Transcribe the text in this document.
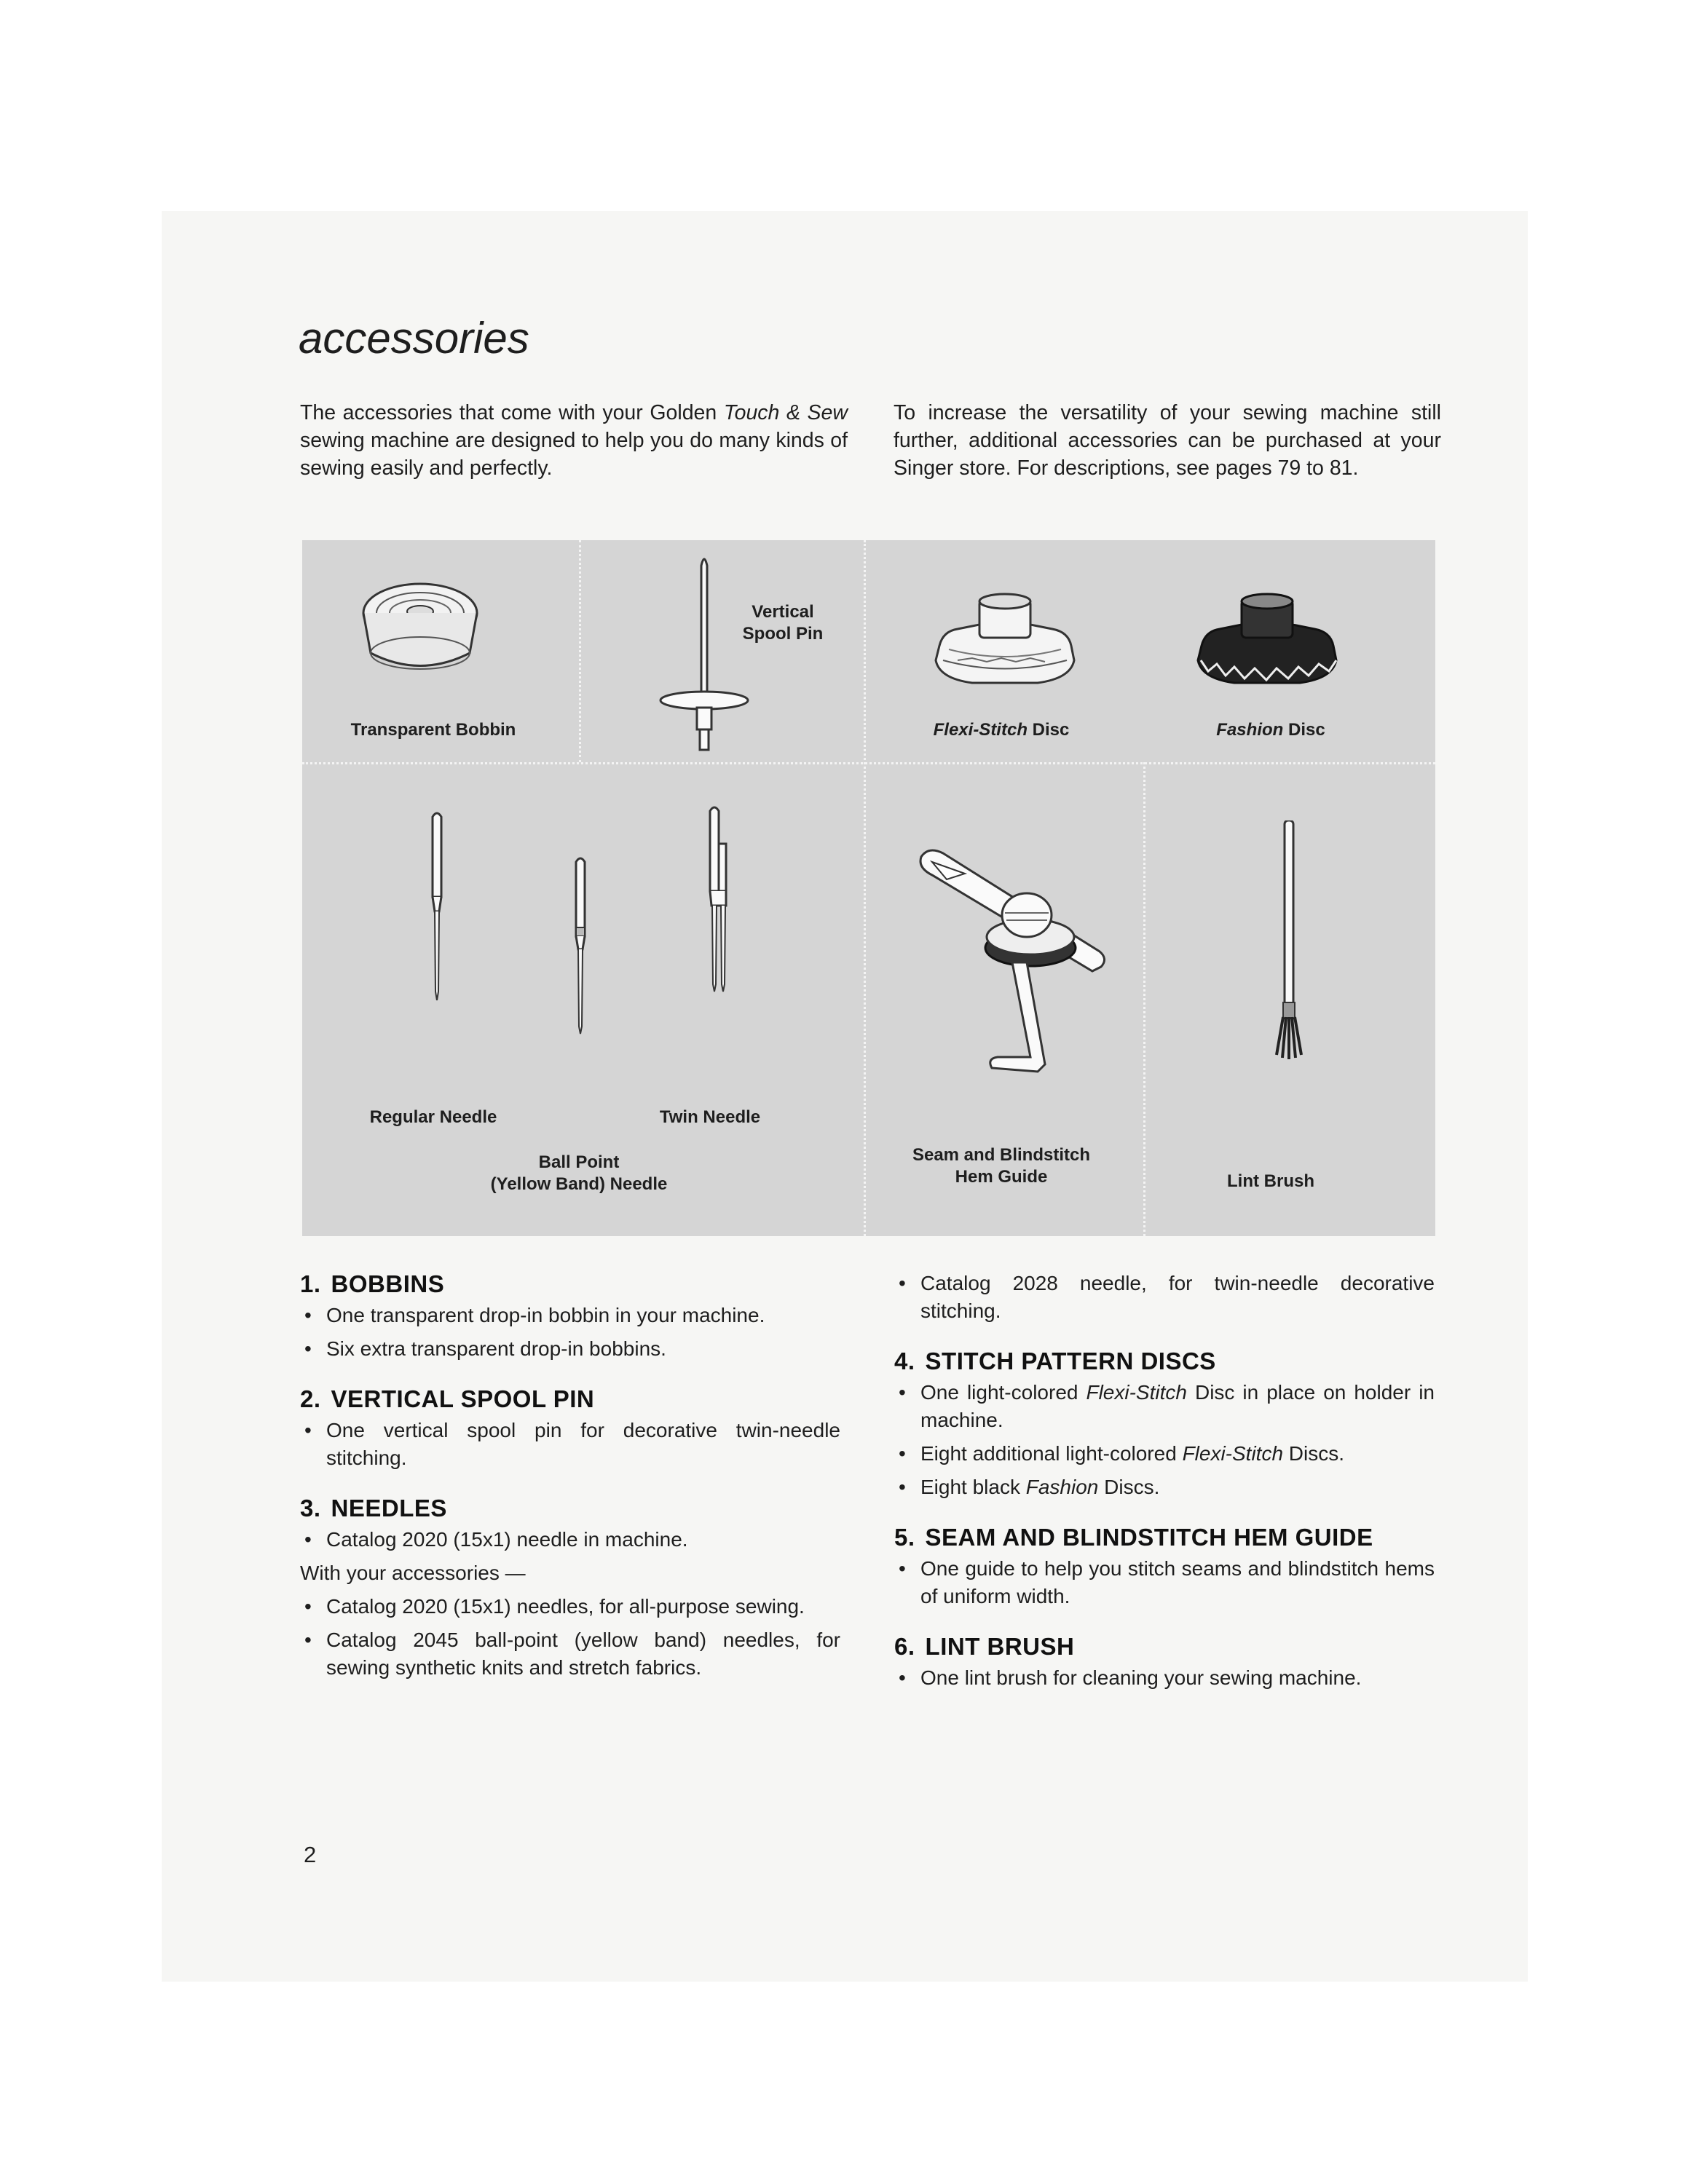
accessories

The accessories that come with your Golden Touch & Sew sewing machine are designed to help you do many kinds of sewing easily and perfectly.

To increase the versatility of your sewing machine still further, additional accessories can be purchased at your Singer store. For descriptions, see pages 79 to 81.

Transparent Bobbin
Vertical
Spool Pin
Flexi-Stitch Disc	Fashion Disc
Regular Needle
Ball Point
(Yellow Band) Needle
Twin Needle
Seam and Blindstitch
Hem Guide	Lint Brush
1. BOBBINS
• One transparent drop-in bobbin in your machine.
• Six extra transparent drop-in bobbins.
2. VERTICAL SPOOL PIN
• One vertical spool pin for decorative twin-needle stitching.
3. NEEDLES
• Catalog 2020 (15x1) needle in machine.
With your accessories —
• Catalog 2020 (15x1) needles, for all-purpose sewing.
• Catalog 2045 ball-point (yellow band) needles, for sewing synthetic knits and stretch fabrics.
• Catalog 2028 needle, for twin-needle decorative stitching.
4. STITCH PATTERN DISCS
• One light-colored Flexi-Stitch Disc in place on holder in machine.
• Eight additional light-colored Flexi-Stitch Discs.
• Eight black Fashion Discs.
5. SEAM AND BLINDSTITCH HEM GUIDE
• One guide to help you stitch seams and blindstitch hems of uniform width.
6. LINT BRUSH
• One lint brush for cleaning your sewing machine.
2
